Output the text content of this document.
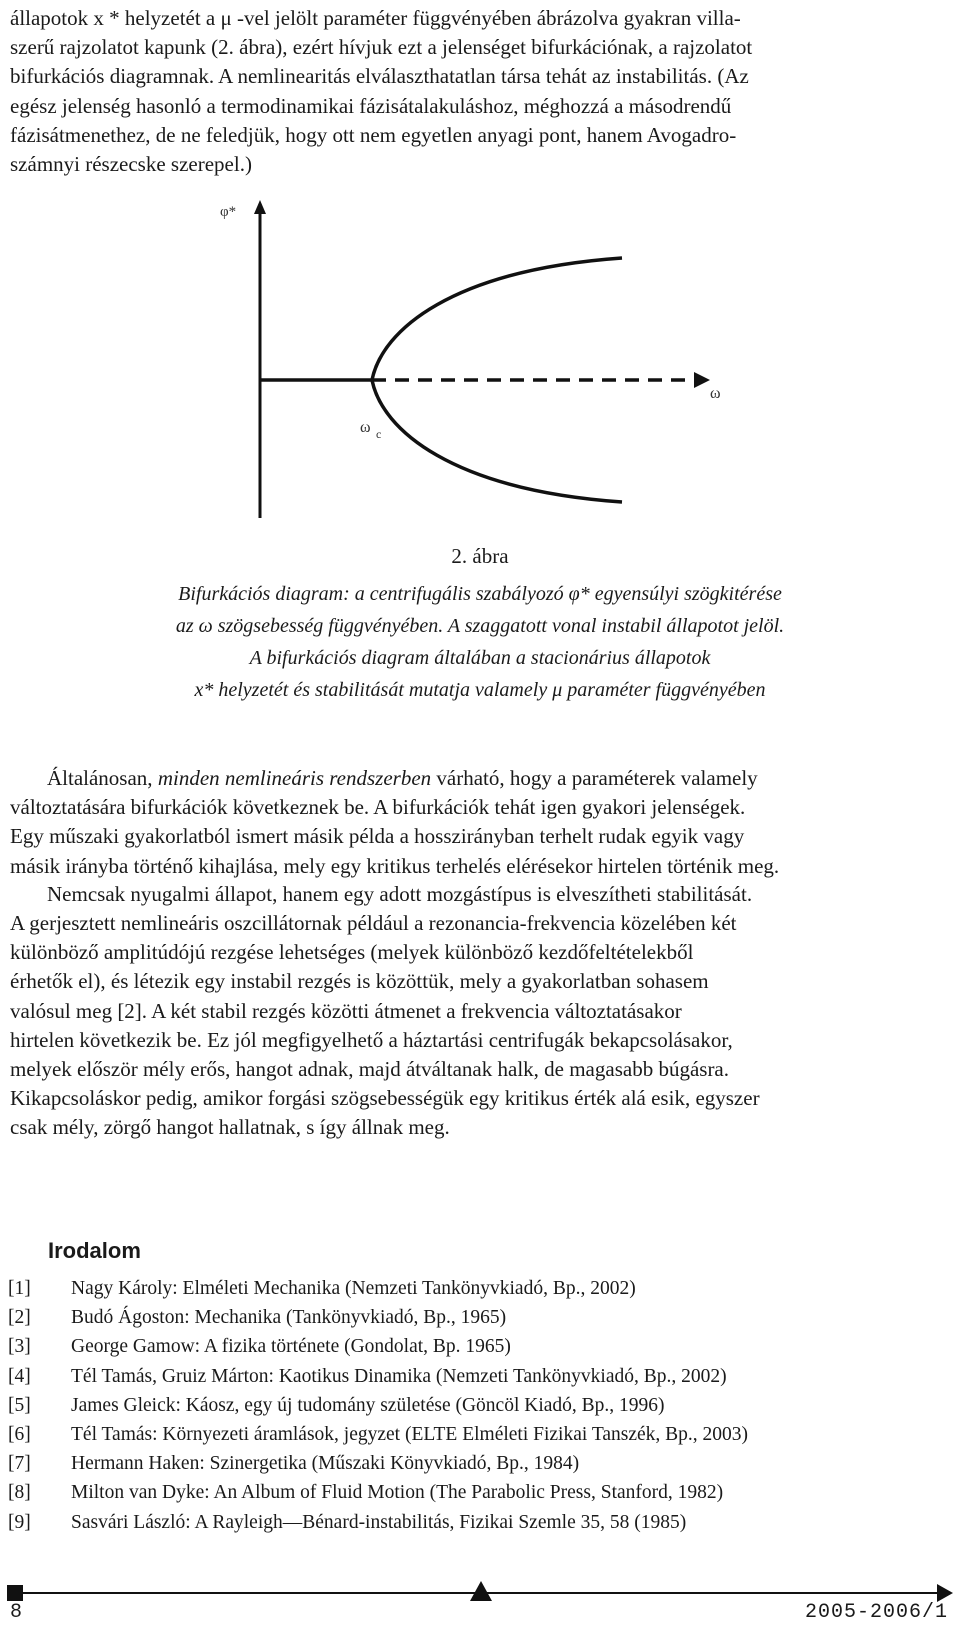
állapotok x * helyzetét a μ -vel jelölt paraméter függvényében ábrázolva gyakran villa-
szerű rajzolatot kapunk (2. ábra), ezért hívjuk ezt a jelenséget bifurkációnak, a rajzolatot
bifurkációs diagramnak. A nemlinearitás elválaszthatatlan társa tehát az instabilitás. (Az
egész jelenség hasonló a termodinamikai fázisátalakuláshoz, méghozzá a másodrendű
fázisátmenethez, de ne feledjük, hogy ott nem egyetlen anyagi pont, hanem Avogadro-
számnyi részecske szerepel.)

φ*
ω
ω c
2. ábra
Bifurkációs diagram: a centrifugális szabályozó φ* egyensúlyi szögkitérése
az ω szögsebesség függvényében. A szaggatott vonal instabil állapotot jelöl.
A bifurkációs diagram általában a stacionárius állapotok
x* helyzetét és stabilitását mutatja valamely μ paraméter függvényében

Általánosan, minden nemlineáris rendszerben várható, hogy a paraméterek valamely
változtatására bifurkációk következnek be. A bifurkációk tehát igen gyakori jelenségek.
Egy műszaki gyakorlatból ismert másik példa a hosszirányban terhelt rudak egyik vagy
másik irányba történő kihajlása, mely egy kritikus terhelés elérésekor hirtelen történik meg.

Nemcsak nyugalmi állapot, hanem egy adott mozgástípus is elveszítheti stabilitását.

A gerjesztett nemlineáris oszcillátornak például a rezonancia-frekvencia közelében két
különböző amplitúdójú rezgése lehetséges (melyek különböző kezdőfeltételekből
érhetők el), és létezik egy instabil rezgés is közöttük, mely a gyakorlatban sohasem
valósul meg [2]. A két stabil rezgés közötti átmenet a frekvencia változtatásakor
hirtelen következik be. Ez jól megfigyelhető a háztartási centrifugák bekapcsolásakor,
melyek először mély erős, hangot adnak, majd átváltanak halk, de magasabb búgásra.
Kikapcsoláskor pedig, amikor forgási szögsebességük egy kritikus érték alá esik, egyszer
csak mély, zörgő hangot hallatnak, s így állnak meg.

Irodalom
[1]	Nagy Károly: Elméleti Mechanika (Nemzeti Tankönyvkiadó, Bp., 2002)
[2]	Budó Ágoston: Mechanika (Tankönyvkiadó, Bp., 1965)
[3]	George Gamow: A fizika története (Gondolat, Bp. 1965)
[4]	Tél Tamás, Gruiz Márton: Kaotikus Dinamika (Nemzeti Tankönyvkiadó, Bp., 2002)
[5]	James Gleick: Káosz, egy új tudomány születése (Göncöl Kiadó, Bp., 1996)
[6]	Tél Tamás: Környezeti áramlások, jegyzet (ELTE Elméleti Fizikai Tanszék, Bp., 2003)
[7]	Hermann Haken: Szinergetika (Műszaki Könyvkiadó, Bp., 1984)
[8]	Milton van Dyke: An Album of Fluid Motion (The Parabolic Press, Stanford, 1982)
[9]	Sasvári László: A Rayleigh—Bénard-instabilitás, Fizikai Szemle 35, 58 (1985)
8	2005-2006/1
